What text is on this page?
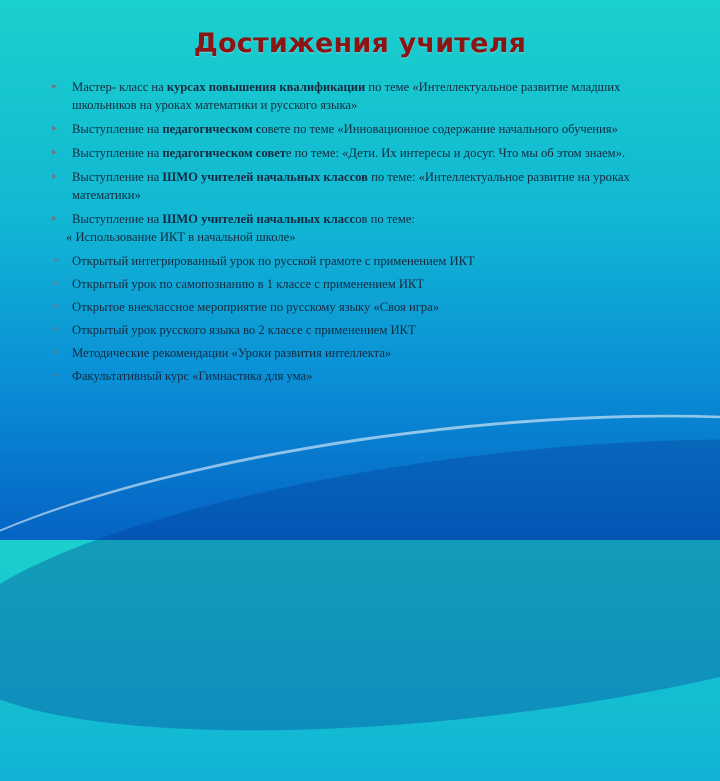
Достижения учителя
▸	Мастер- класс на курсах повышения квалификации по теме «Интеллектуальное развитие младших школьников на уроках математики и русского языка»
▸	Выступление на педагогическом совете по теме «Инновационное содержание начального обучения»
▸	Выступление на педагогическом совете по теме: «Дети. Их интересы и досуг. Что мы об этом знаем».
▸	Выступление на ШМО учителей начальных классов по теме: «Интеллектуальное развитие на уроках математики»
▸	Выступление на ШМО учителей начальных классов по теме:
« Использование ИКТ в начальной школе»
➢ Открытый интегрированный урок по русской грамоте с применением ИКТ
➢ Открытый урок по самопознанию в 1 классе с применением ИКТ
➢ Открытое внеклассное мероприятие по русскому языку «Своя игра»
➢ Открытый урок русского языка во 2 классе с применением ИКТ
➢ Методические рекомендации «Уроки развития интеллекта»
➢ Факультативный курс «Гимнастика для ума»
